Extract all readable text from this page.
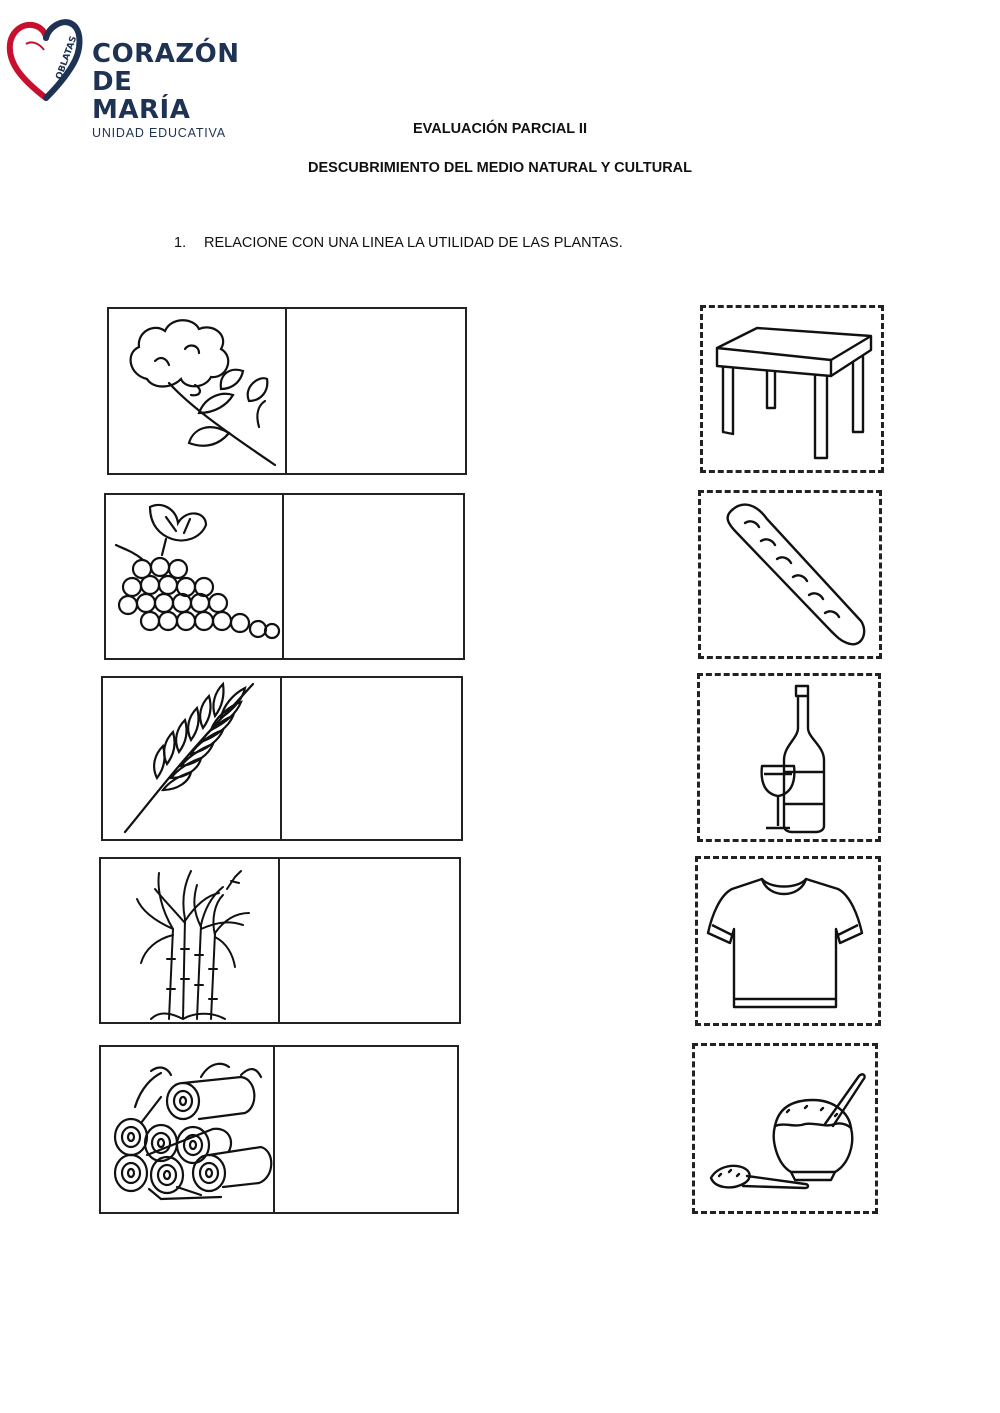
OBLATAS CORAZÓN
DE MARÍA
UNIDAD EDUCATIVA	EVALUACIÓN PARCIAL II
DESCUBRIMIENTO DEL MEDIO NATURAL Y CULTURAL
1. RELACIONE CON UNA LINEA LA UTILIDAD DE LAS PLANTAS.
